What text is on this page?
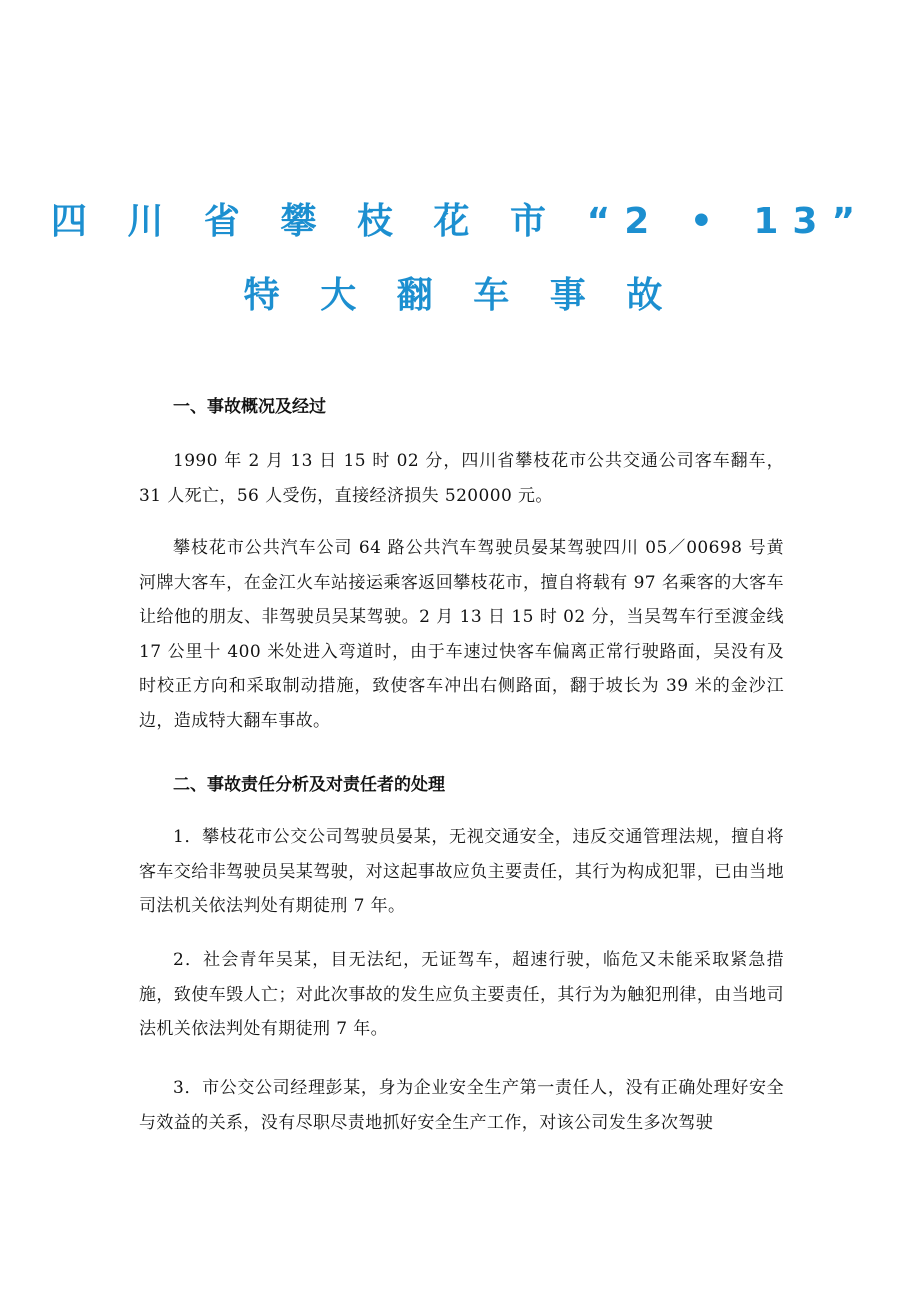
四 川 省 攀 枝 花 市 “2 • 13”
特 大 翻 车 事 故
一、事故概况及经过
1990 年 2 月 13 日 15 时 02 分，四川省攀枝花市公共交通公司客车翻车，31 人死亡，56 人受伤，直接经济损失 520000 元。
攀枝花市公共汽车公司 64 路公共汽车驾驶员晏某驾驶四川 05／00698 号黄河牌大客车，在金江火车站接运乘客返回攀枝花市，擅自将载有 97 名乘客的大客车让给他的朋友、非驾驶员吴某驾驶。2 月 13 日 15 时 02 分，当吴驾车行至渡金线 17 公里十 400 米处进入弯道时，由于车速过快客车偏离正常行驶路面，吴没有及时校正方向和采取制动措施，致使客车冲出右侧路面，翻于坡长为 39 米的金沙江边，造成特大翻车事故。
二、事故责任分析及对责任者的处理
1．攀枝花市公交公司驾驶员晏某，无视交通安全，违反交通管理法规，擅自将客车交给非驾驶员吴某驾驶，对这起事故应负主要责任，其行为构成犯罪，已由当地司法机关依法判处有期徒刑 7 年。
2．社会青年吴某，目无法纪，无证驾车，超速行驶，临危又未能采取紧急措施，致使车毁人亡；对此次事故的发生应负主要责任，其行为为触犯刑律，由当地司法机关依法判处有期徒刑 7 年。
3．市公交公司经理彭某，身为企业安全生产第一责任人，没有正确处理好安全与效益的关系，没有尽职尽责地抓好安全生产工作，对该公司发生多次驾驶
